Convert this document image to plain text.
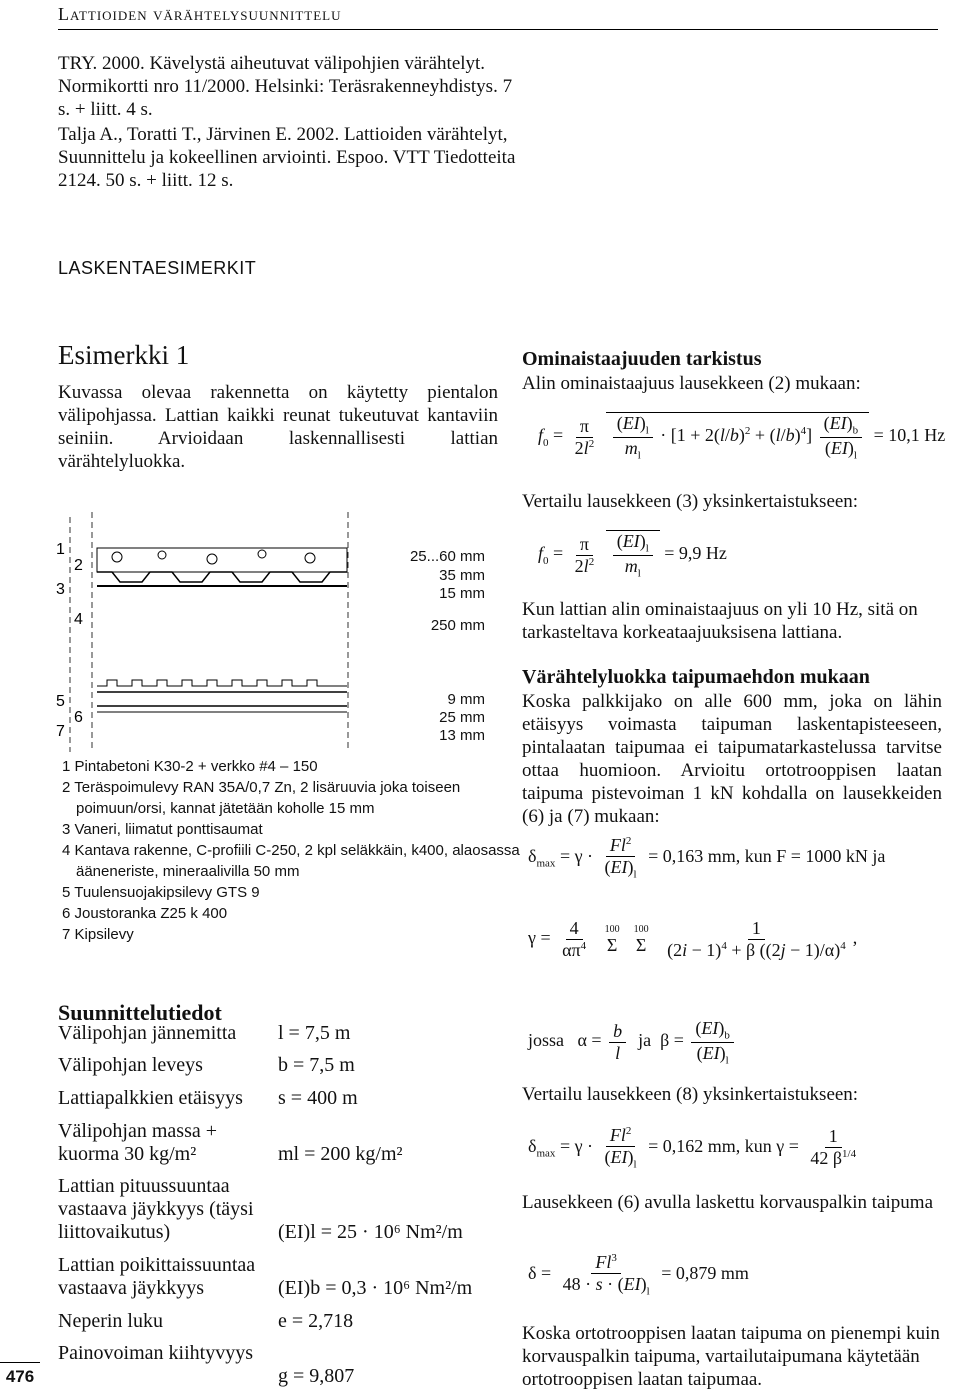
Lattioiden värähtelysuunnittelu

TRY. 2000. Kävelystä aiheutuvat välipohjien värähtelyt. Normikortti nro 11/2000. Helsinki: Teräsrakenneyhdistys. 7 s. + liitt. 4 s.

Talja A., Toratti T., Järvinen E. 2002. Lattioiden värähtelyt, Suunnittelu ja kokeellinen arviointi. Espoo. VTT Tiedotteita 2124. 50 s. + liitt. 12 s.

LASKENTAESIMERKIT
Esimerkki 1
Kuvassa olevaa rakennetta on käytetty pientalon välipohjassa. Lattian kaikki reunat tukeutuvat kantaviin seiniin. Arvioidaan laskennallisesti lattian värähtelyluokka.
1
2
3
4
5
6
7
25...60 mm
35 mm
15 mm
250 mm
9 mm
25 mm
13 mm
1 Pintabetoni K30-2 + verkko #4 – 150
2 Teräspoimulevy RAN 35A/0,7 Zn, 2 lisäruuvia joka toiseen poimuun/orsi, kannat jätetään koholle 15 mm
3 Vaneri, liimatut ponttisaumat
4 Kantava rakenne, C-profiili C-250, 2 kpl seläkkäin, k400, alaosassa ääneneriste, mineraalivilla 50 mm
5 Tuulensuojakipsilevy GTS 9
6 Joustoranka Z25 k 400
7 Kipsilevy
Suunnittelutiedot
Välipohjan jännemitta	l = 7,5 m
Välipohjan leveys	b = 7,5 m
Lattiapalkkien etäisyys	s = 400 m
Välipohjan massa + kuorma 30 kg/m²	ml = 200 kg/m²
Lattian pituussuuntaa vastaava jäykkyys (täysi liittovaikutus)	(EI)l = 25 · 10⁶ Nm²/m
Lattian poikittaissuuntaa vastaava jäykkyys	(EI)b = 0,3 · 10⁶ Nm²/m
Neperin luku	e = 2,718
Painovoiman kiihtyvyys
g = 9,807
476
Ominaistaajuuden tarkistus
Alin ominaistaajuus lausekkeen (2) mukaan:
$f_0 = \frac{\pi}{2l^2}$
$\frac{(EI)_l}{m_l} \cdot [1 + 2(l/b)^2 + (l/b)^4] \frac{(EI)_b}{(EI)_l} = 10,1$ Hz
Vertailu lausekkeen (3) yksinkertaistukseen:
$f_0 = \frac{\pi}{2l^2}$
$\frac{(EI)_l}{m_l} = 9,9$ Hz
Kun lattian alin ominaistaajuus on yli 10 Hz, sitä on tarkasteltava korkeataajuuksisena lattiana.
Värähtelyluokka taipumaehdon mukaan
Koska palkkijako on alle 600 mm, joka on lähin etäisyys voimasta taipuman laskentapisteeseen, pintalaatan taipumaa ei taipumatarkastelussa tarvitse ottaa huomioon. Arvioitu ortotrooppisen laatan taipuma pistevoiman 1 kN kohdalla on lausekkeiden (6) ja (7) mukaan:
$\delta_{max} = \gamma \cdot \frac{Fl^2}{(EI)_l} = 0,163$ mm, kun F = 1000 kN ja
$\gamma = \frac{4}{\alpha\pi^4}$
	100
Σ
100
Σ
$\frac{1}{(2i - 1)^4 + \beta ((2j - 1)/\alpha)^4}$ ,
jossa   $\alpha = \frac{b}{l}$ ja  $\beta = \frac{(EI)_b}{(EI)_l}$
Vertailu lausekkeen (8) yksinkertaistukseen:
$\delta_{max} = \gamma \cdot \frac{Fl^2}{(EI)_l} = 0,162$ mm, kun $\gamma = \frac{1}{42 \beta^{1/4}}$
Lausekkeen (6) avulla laskettu korvauspalkin taipuma
$\delta = \frac{Fl^3}{48 \cdot s \cdot (EI)_l} = 0,879$ mm
Koska ortotrooppisen laatan taipuma on pienempi kuin korvauspalkin taipuma, vartailutaipumana käytetään ortotrooppisen laatan taipumaa.
